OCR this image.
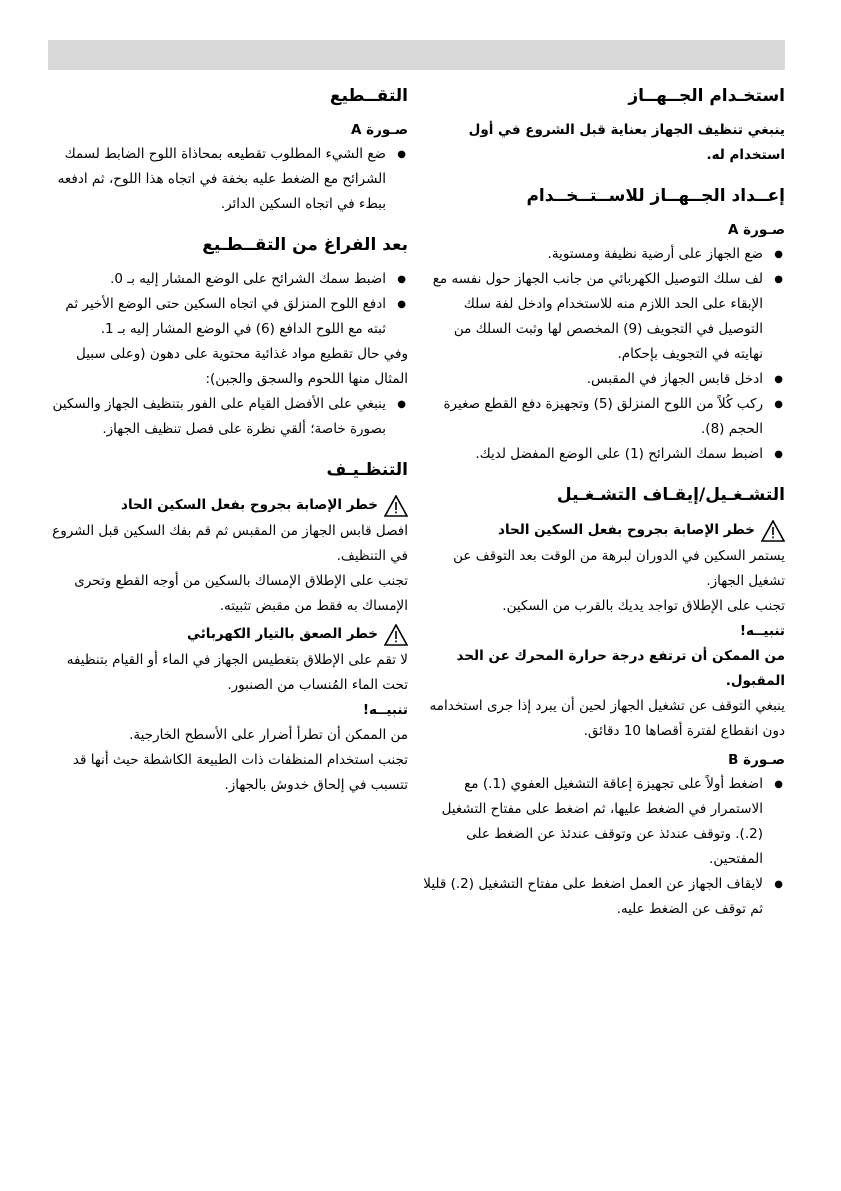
استخـدام الجــهــاز

ينبغي تنظيف الجهاز بعناية قبل الشروع في أول استخدام له.

إعــداد الجــهــاز للاســتــخــدام
صـورة A
● ضع الجهاز على أرضية نظيفة ومستوية.
● لف سلك التوصيل الكهربائي من جانب الجهاز حول نفسه مع الإبقاء على الحد اللازم منه للاستخدام وادخل لفة سلك التوصيل في التجويف (9) المخصص لها وثبت السلك من نهايته في التجويف بإحكام.
● ادخل قابس الجهاز في المقبس.
● ركب كُلاً من اللوح المنزلق (5) وتجهيزة دفع القطع صغيرة الحجم (8).
● اضبط سمك الشرائح (1) على الوضع المفضل لديك.
التشـغـيل/إيقـاف التشـغـيل
خطر الإصابة بجروح بفعل السكين الحاد

يستمر السكين في الدوران لبرهة من الوقت بعد التوقف عن تشغيل الجهاز.

تجنب على الإطلاق تواجد يديك بالقرب من السكين.

تنبيــه!

من الممكن أن ترتفع درجة حرارة المحرك عن الحد المقبول.

ينبغي التوقف عن تشغيل الجهاز لحين أن يبرد إذا جرى استخدامه دون انقطاع لفترة أقصاها 10 دقائق.

صـورة B
● اضغط أولاً على تجهيزة إعاقة التشغيل العفوي (1.) مع الاستمرار في الضغط عليها، ثم اضغط على مفتاح التشغيل (2.). وتوقف عندئذ عن وتوقف عندئذ عن الضغط على المفتحين.
● لايقاف الجهاز عن العمل اضغط على مفتاح التشغيل (2.) قليلا ثم توقف عن الضغط عليه.
التقــطيع
صـورة A
● ضع الشيء المطلوب تقطيعه بمحاذاة اللوح الضابط لسمك الشرائح مع الضغط عليه بخفة في اتجاه هذا اللوح، ثم ادفعه ببطء في اتجاه السكين الدائر.
بعد الفراغ من التقــطـيع
● اضبط سمك الشرائح على الوضع المشار إليه بـ 0.
● ادفع اللوح المنزلق في اتجاه السكين حتى الوضع الأخير ثم ثبته مع اللوح الدافع (6) في الوضع المشار إليه بـ 1.

وفي حال تقطيع مواد غذائية محتوية على دهون (وعلى سبيل المثال منها اللحوم والسجق والجبن):

● ينبغي على الأفضل القيام على الفور بتنظيف الجهاز والسكين بصورة خاصة؛ ألقي نظرة على فصل تنظيف الجهاز.
التنظـيـف
خطر الإصابة بجروح بفعل السكين الحاد

افصل قابس الجهاز من المقبس ثم قم بفك السكين قبل الشروع في التنظيف.

تجنب على الإطلاق الإمساك بالسكين من أوجه القطع وتحرى الإمساك به فقط من مقبض تثبيته.

خطر الصعق بالتيار الكهربائي

لا تقم على الإطلاق بتغطيس الجهاز في الماء أو القيام بتنظيفه تحت الماء المُنساب من الصنبور.

تنبيــه!

من الممكن أن تطرأ أضرار على الأسطح الخارجية.

تجنب استخدام المنظفات ذات الطبيعة الكاشطة حيث أنها قد تتسبب في إلحاق خدوش بالجهاز.
